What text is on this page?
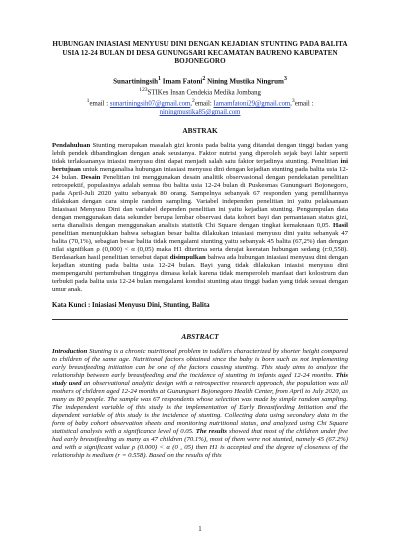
HUBUNGAN INIASIASI MENYUSU DINI DENGAN KEJADIAN STUNTING PADA BALITA USIA 12-24 BULAN DI DESA GUNUNGSARI KECAMATAN BAURENO KABUPATEN BOJONEGORO
Sunartiningsih$^1$ Imam Fatoni$^2$ Nining Mustika Ningrum$^3$
$^{123}$STIKes Insan Cendekia Medika Jombang
$^1$email : sunartiningsih07@gmail.com,$^2$email: Iamamfatoni29@gmail.com,$^3$email :
niningmustika85@gmail.com
ABSTRAK

Pendahuluan Stunting merupakan masalah gizi kronis pada balita yang ditandai dengan tinggi badan yang lebih pendek dibandingkan dengan anak seusianya. Faktor nutrisi yang diperoleh sejak bayi lahir seperti tidak terlaksananya iniasisi menyusu dini dapat menjadi salah satu faktor terjadinya stunting. Penelitian ini bertujuan untuk menganalisa hubungan iniasiasi menyusu dini dengan kejadian stunting pada balita usia 12-24 bulan. Desain Penelitian ini menggunakan desain analitik observasional dengan pendekatan penelitian retrospektif, populasinya adalah semua ibu balita usia 12-24 bulan di Puskesmas Gunungsari Bojonegoro, pada April-Juli 2020 yaitu sebanyak 80 orang. Sampelnya sebanyak 67 responden yang pemilihannya dilakukan dengan cara simple random sampling. Variabel independen penelitian ini yaitu pelaksanaan Iniasisasi Menyusu Dini dan variabel dependen penelitian ini yaitu kejadian stunting. Pengumpulan data dengan menggunakan data sekunder berupa lembar observasi data kohort bayi dan pemantauan status gizi, serta dianalisis dengan menggunakan analisis statistik Chi Square dengan tingkat kemaknaan 0,05. Hasil penelitian menunjukkan bahwa sebagian besar balita dilakukan iniasiasi menyusu dini yaitu sebanyak 47 balita (70,1%), sebagian besar balita tidak mengalami stunting yaitu sebanyak 45 balita (67,2%) dan dengan nilai signifikan ρ (0,000) < α (0,05) maka H1 diterima serta derajat keeratan hubungan sedang (r:0,558). Berdasarkan hasil penelitian tersebut dapat disimpulkan bahwa ada hubungan iniasiasi menyusu dini dengan kejadian stunting pada balita usia 12-24 bulan. Bayi yang tidak dilakukan iniasisi menyusu dini mempengaruhi pertumbuhan tingginya dimasa kelak karena tidak memperoleh manfaat dari kolostrum dan terbukti pada balita usia 12-24 bulan mengalami kondisi stunting atau tinggi badan yang tidak sesuai dengan umur anak.

Kata Kunci : Iniasiasi Menyusu Dini, Stunting, Balita
ABSTRACT

Introduction Stunting is a chronic nutritional problem in toddlers characterized by shorter height compared to children of the same age. Nutritional factors obtained since the baby is born such as not implementing early breastfeeding initiation can be one of the factors causing stunting. This study aims to analyze the relationship between early breastfeeding and the incidence of stunting in infants aged 12-24 months. This study used an observational analytic design with a retrospective research approach, the population was all mothers of children aged 12-24 months at Gunungsari Bojonegoro Health Center, from April to July 2020, as many as 80 people. The sample was 67 respondents whose selection was made by simple random sampling. The independent variable of this study is the implementation of Early Breastfeeding Initiation and the dependent variable of this study is the incidence of stunting. Collecting data using secondary data in the form of baby cohort observation sheets and monitoring nutritional status, and analyzed using Chi Square statistical analysis with a significance level of 0.05. The results showed that most of the children under five had early breastfeeding as many as 47 children (70.1%), most of them were not stunted, namely 45 (67.2%) and with a significant value ρ (0.000) < α (0 , 05) then H1 is accepted and the degree of closeness of the relationship is medium (r = 0.558). Based on the results of this

1
